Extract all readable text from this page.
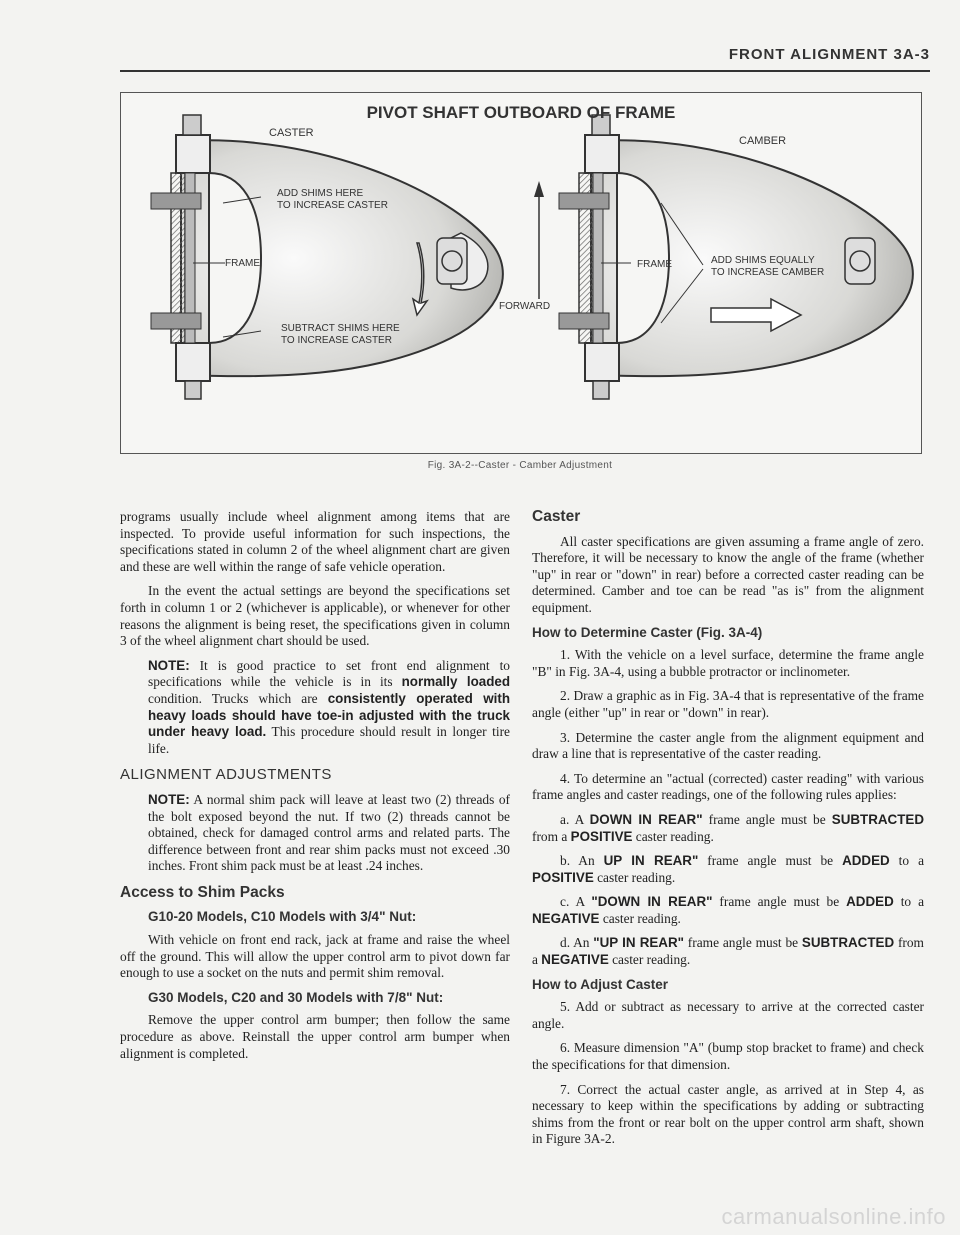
FRONT ALIGNMENT 3A-3
PIVOT SHAFT OUTBOARD OF FRAME
CASTER
CAMBER
ADD SHIMS HERE
TO INCREASE CASTER
FRAME
SUBTRACT SHIMS HERE
TO INCREASE CASTER
FORWARD
FRAME	ADD SHIMS EQUALLY
TO INCREASE CAMBER
Fig. 3A-2--Caster - Camber Adjustment

programs usually include wheel alignment among items that are inspected. To provide useful information for such inspections, the specifications stated in column 2 of the wheel alignment chart are given and these are well within the range of safe vehicle operation.

In the event the actual settings are beyond the specifications set forth in column 1 or 2 (whichever is applicable), or whenever for other reasons the alignment is being reset, the specifications given in column 3 of the wheel alignment chart should be used.

NOTE: It is good practice to set front end alignment to specifications while the vehicle is in its normally loaded condition. Trucks which are consistently operated with heavy loads should have toe-in adjusted with the truck under heavy load. This procedure should result in longer tire life.

ALIGNMENT ADJUSTMENTS

NOTE: A normal shim pack will leave at least two (2) threads of the bolt exposed beyond the nut. If two (2) threads cannot be obtained, check for damaged control arms and related parts. The difference between front and rear shim packs must not exceed .30 inches. Front shim pack must be at least .24 inches.

Access to Shim Packs
G10-20 Models, C10 Models with 3/4" Nut:

With vehicle on front end rack, jack at frame and raise the wheel off the ground. This will allow the upper control arm to pivot down far enough to use a socket on the nuts and permit shim removal.

G30 Models, C20 and 30 Models with 7/8" Nut:

Remove the upper control arm bumper; then follow the same procedure as above. Reinstall the upper control arm bumper when alignment is completed.

Caster

All caster specifications are given assuming a frame angle of zero. Therefore, it will be necessary to know the angle of the frame (whether "up" in rear or "down" in rear) before a corrected caster reading can be determined. Camber and toe can be read "as is" from the alignment equipment.

How to Determine Caster (Fig. 3A-4)

1. With the vehicle on a level surface, determine the frame angle "B" in Fig. 3A-4, using a bubble protractor or inclinometer.

2. Draw a graphic as in Fig. 3A-4 that is representative of the frame angle (either "up" in rear or "down" in rear).

3. Determine the caster angle from the alignment equipment and draw a line that is representative of the caster reading.

4. To determine an "actual (corrected) caster reading" with various frame angles and caster readings, one of the following rules applies:

a. A DOWN IN REAR" frame angle must be SUBTRACTED from a POSITIVE caster reading.

b. An UP IN REAR" frame angle must be ADDED to a POSITIVE caster reading.

c. A "DOWN IN REAR" frame angle must be ADDED to a NEGATIVE caster reading.

d. An "UP IN REAR" frame angle must be SUBTRACTED from a NEGATIVE caster reading.

How to Adjust Caster

5. Add or subtract as necessary to arrive at the corrected caster angle.

6. Measure dimension "A" (bump stop bracket to frame) and check the specifications for that dimension.

7. Correct the actual caster angle, as arrived at in Step 4, as necessary to keep within the specifications by adding or subtracting shims from the front or rear bolt on the upper control arm shaft, shown in Figure 3A-2.

carmanualsonline.info
